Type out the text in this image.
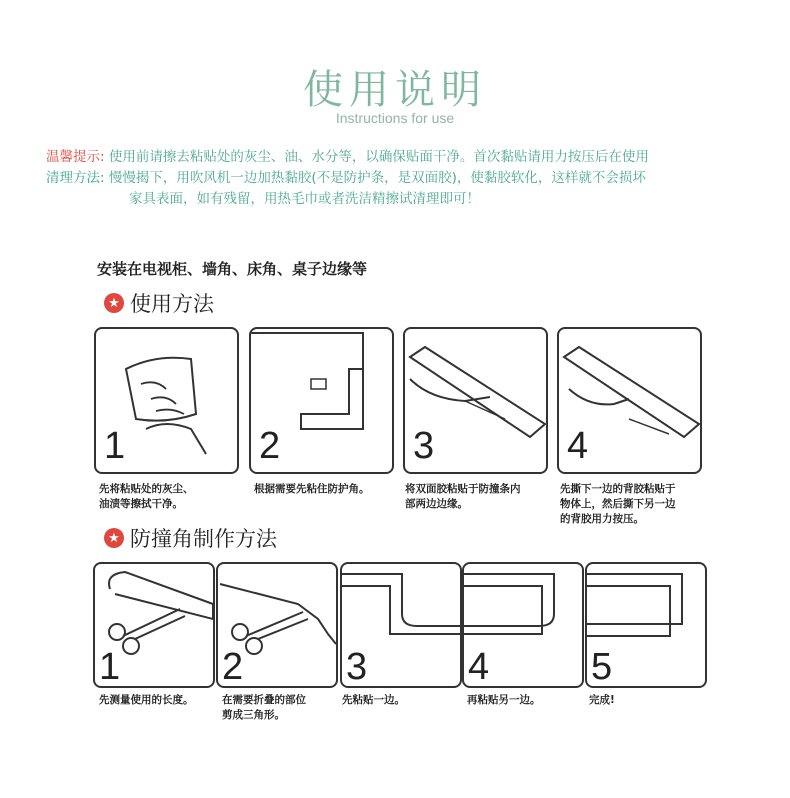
使用说明
Instructions for use
温馨提示: 使用前请擦去粘贴处的灰尘、油、水分等，以确保贴面干净。首次黏贴请用力按压后在使用
清理方法: 慢慢揭下，用吹风机一边加热黏胶(不是防护条，是双面胶)，使黏胶软化，这样就不会损坏
家具表面，如有残留，用热毛巾或者洗洁精擦试清理即可！
安装在电视柜、墙角、床角、桌子边缘等
★ 使用方法
1	2	3	4
先将粘贴处的灰尘、
油渍等擦拭干净。
根据需要先粘住防护角。	将双面胶粘贴于防撞条内
部两边边缘。
先撕下一边的背胶粘贴于
物体上，然后撕下另一边
的背胶用力按压。
★ 防撞角制作方法
1	2	3	4	5
先测量使用的长度。	在需要折叠的部位
剪成三角形。
先粘贴一边。	再粘贴另一边。	完成!
